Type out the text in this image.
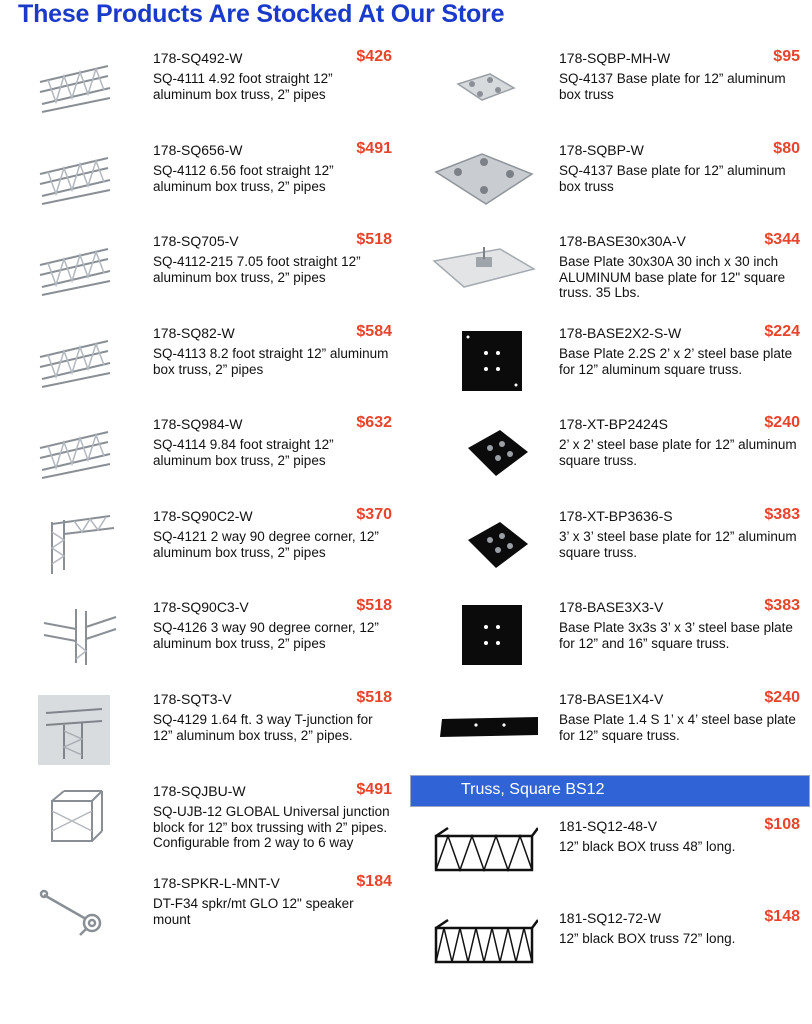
These Products Are Stocked At Our Store
178-SQ492-W	$426
SQ-4111 4.92 foot straight 12” aluminum box truss, 2” pipes
178-SQ656-W	$491
SQ-4112 6.56 foot straight 12” aluminum box truss, 2” pipes
178-SQ705-V	$518
SQ-4112-215 7.05 foot straight 12” aluminum box truss, 2” pipes
178-SQ82-W	$584
SQ-4113 8.2 foot straight 12” aluminum box truss, 2” pipes
178-SQ984-W	$632
SQ-4114 9.84 foot straight 12” aluminum box truss, 2” pipes
178-SQ90C2-W	$370
SQ-4121 2 way 90 degree corner, 12” aluminum box truss, 2” pipes
178-SQ90C3-V	$518
SQ-4126 3 way 90 degree corner, 12” aluminum box truss, 2” pipes
178-SQT3-V	$518
SQ-4129 1.64 ft. 3 way T-junction for 12” aluminum box truss, 2” pipes.
178-SQJBU-W	$491
SQ-UJB-12 GLOBAL Universal junction block for 12” box trussing with 2” pipes. Configurable from 2 way to 6 way
178-SPKR-L-MNT-V	$184
DT-F34 spkr/mt GLO 12" speaker mount
178-SQBP-MH-W	$95
SQ-4137 Base plate for 12” aluminum box truss
178-SQBP-W	$80
SQ-4137 Base plate for 12” aluminum box truss
178-BASE30x30A-V	$344
Base Plate 30x30A 30 inch x 30 inch ALUMINUM base plate for 12" square truss. 35 Lbs.
178-BASE2X2-S-W	$224
Base Plate 2.2S 2’ x 2’ steel base plate for 12” aluminum square truss.
178-XT-BP2424S	$240
2’ x 2’ steel base plate for 12” aluminum square truss.
178-XT-BP3636-S	$383
3’ x 3’ steel base plate for 12” aluminum square truss.
178-BASE3X3-V	$383
Base Plate 3x3s 3’ x 3’ steel base plate for 12” and 16” square truss.
178-BASE1X4-V	$240
Base Plate 1.4 S 1’ x 4’ steel base plate for 12” square truss.
181-SQ12-48-V	$108
12” black BOX truss 48” long.
181-SQ12-72-W	$148
12” black BOX truss 72” long.
Truss, Square BS12
